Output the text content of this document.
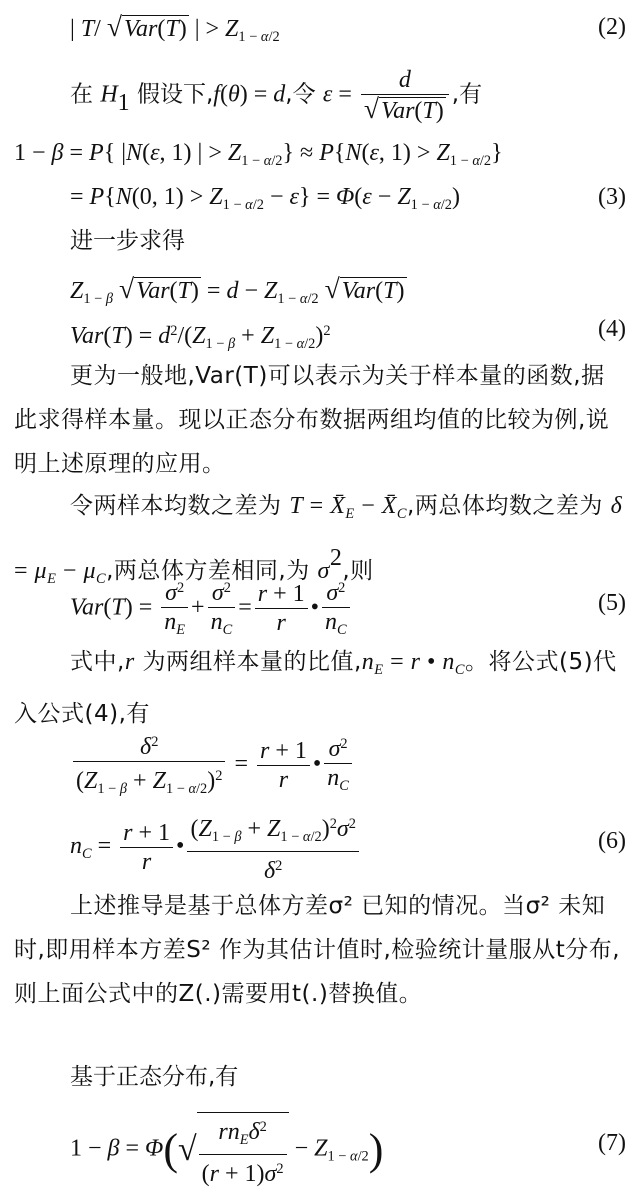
| T/ √Var(T) | > $Z_{1 - \alpha/2}$	(2)
在 $H_1$ 假设下,f(θ) = d,令 $\varepsilon = \frac{d}{\text{√Var(T)}}$ ,有
1 − β = P{ |N(ε, 1) | > $Z_{1 - \alpha/2}\} \approx P\{N(\varepsilon$, $1) > Z_{1 - \alpha/2}$}
= P{N(0, $1) > Z_{1 - \alpha/2} - \varepsilon\} = \Phi(\varepsilon - Z_{1 - \alpha/2})$	(3)
进一步求得
$Z_{1 - \beta}$ $√Var(T) = d - Z_{1 - \alpha/2}$ √Var(T)
$Var(T) = d^2/(Z_{1 - \beta} + Z_{1 - \alpha/2})^2$	(4)
更为一般地,Var(T)可以表示为关于样本量的函数,据此求得样本量。现以正态分布数据两组均值的比较为例,说明上述原理的应用。
令两样本均数之差为 $T = X̄_E$ − $X̄_C$,两总体均数之差为 $\delta = \mu_E - \mu_C$,两总体方差相同,为 $\sigma^2$,则
$Var(T) = \frac{\sigma^2}{n_E} + \frac{\sigma^2}{n_C} = \frac{r + 1}{r}$ • $\frac{\sigma^2}{n_C}$	(5)
式中,r 为两组样本量的比值$,n_E = r$ • $n_C$。将公式(5)代入公式(4),有
$\frac{\delta^2}{(Z_{1 - \beta} + Z_{1 - \alpha/2})^2} = \frac{r + 1}{r}$ • $\frac{\sigma^2}{n_C}$
$n_C = \frac{r + 1}{r}$ • $\frac{(Z_{1 - \beta} + Z_{1 - \alpha/2})^2\sigma^2}{\delta^2}$	(6)
上述推导是基于总体方差σ² 已知的情况。当σ² 未知时,即用样本方差S² 作为其估计值时,检验统计量服从t分布,则上面公式中的Z(.)需要用t(.)替换值。
基于正态分布,有
$1 - \beta = \Phi(√ \frac{rn_E\delta^2}{(r + 1)\sigma^2} - Z_{1 - \alpha/2})$	(7)
